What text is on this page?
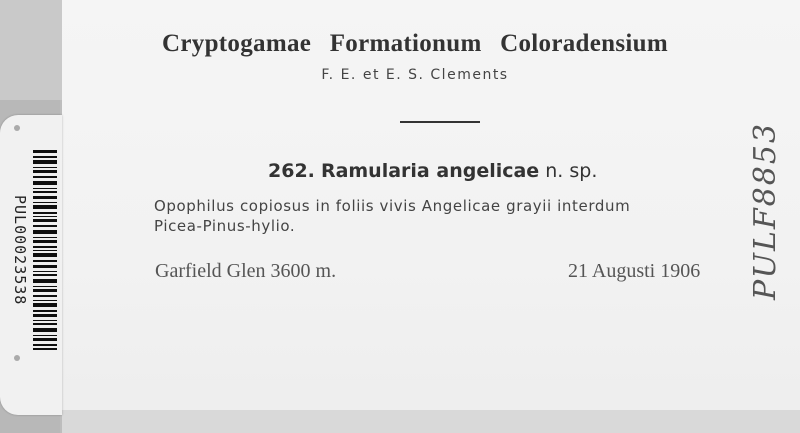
Cryptogamae Formationum Coloradensium
F. E. et E. S. Clements
262. Ramularia angelicae n. sp.
Opophilus copiosus in foliis vivis Angelicae grayii interdum
Picea-Pinus-hylio.
Garfield Glen 3600 m.	21 Augusti 1906
